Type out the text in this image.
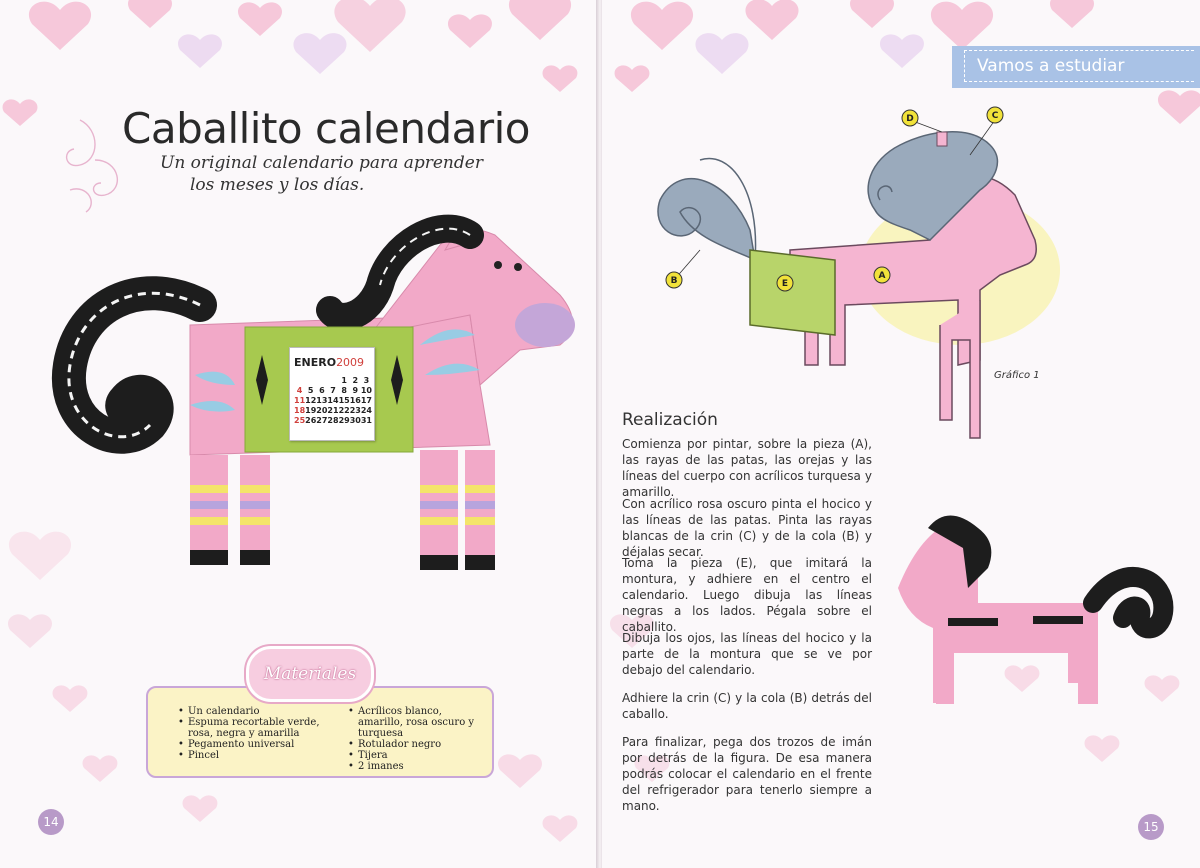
Caballito calendario
Un original calendario para aprender
los meses y los días.
ENERO2009
1 2 3
4 5 6 7 8 9 10
11 12 13 14 15 16 17
18 19 20 21 22 23 24
25 26 27 28 29 30 31
Materiales
• Un calendario
• Espuma recortable verde, rosa, negra y amarilla
• Pegamento universal
• Pincel
• Acrílicos blanco, amarillo, rosa oscuro y turquesa
• Rotulador negro
• Tijera
• 2 imanes
14
Vamos a estudiar
B
D	C
A
E
Gráfico 1
Realización

Comienza por pintar, sobre la pieza (A), las rayas de las patas, las orejas y las líneas del cuerpo con acrílicos turquesa y amarillo.

Con acrílico rosa oscuro pinta el hocico y las líneas de las patas. Pinta las rayas blancas de la crin (C) y de la cola (B) y déjalas secar.

Toma la pieza (E), que imitará la montura, y adhiere en el centro el calendario. Luego dibuja las líneas negras a los lados. Pégala sobre el caballito.

Dibuja los ojos, las líneas del hocico y la parte de la montura que se ve por debajo del calendario.

Adhiere la crin (C) y la cola (B) detrás del caballo.

Para finalizar, pega dos trozos de imán por detrás de la figura. De esa manera podrás colocar el calendario en el frente del refrigerador para tenerlo siempre a mano.

15
